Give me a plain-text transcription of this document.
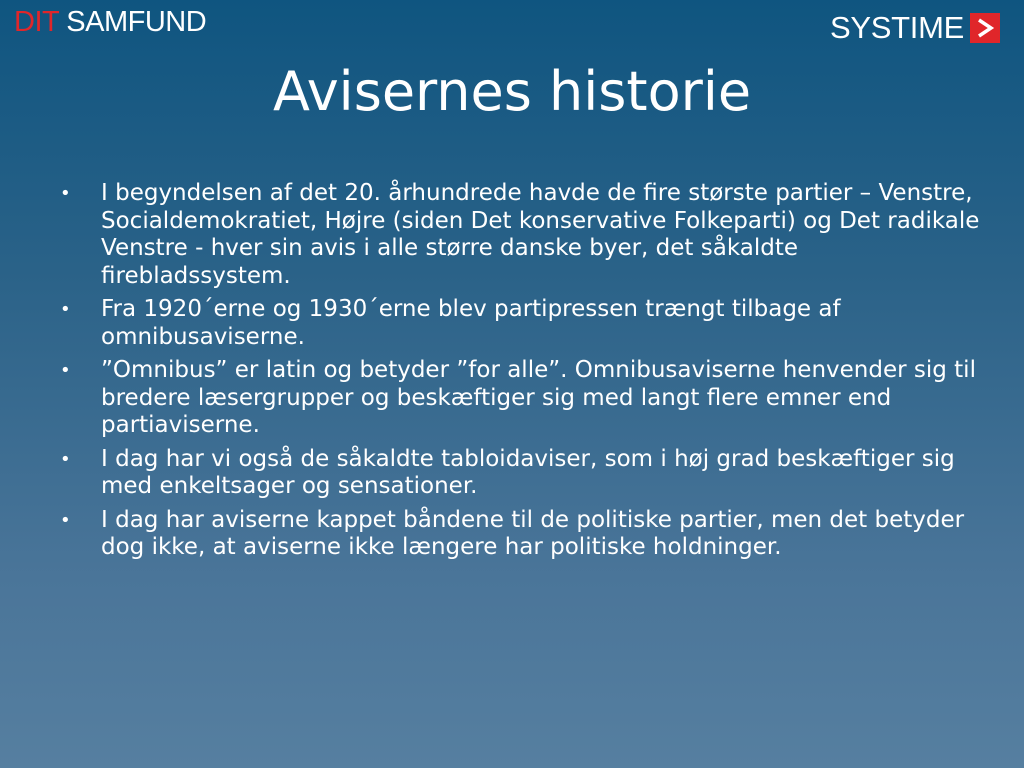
DIT SAMFUND	SYSTIME
Avisernes historie
• I begyndelsen af det 20. århundrede havde de fire største partier – Venstre, Socialdemokratiet, Højre (siden Det konservative Folkeparti) og Det radikale Venstre - hver sin avis i alle større danske byer, det såkaldte firebladssystem.
• Fra 1920´erne og 1930´erne blev partipressen trængt tilbage af omnibusaviserne.
• ”Omnibus” er latin og betyder ”for alle”. Omnibusaviserne henvender sig til bredere læsergrupper og beskæftiger sig med langt flere emner end partiaviserne.
• I dag har vi også de såkaldte tabloidaviser, som i høj grad beskæftiger sig med enkeltsager og sensationer.
• I dag har aviserne kappet båndene til de politiske partier, men det betyder dog ikke, at aviserne ikke længere har politiske holdninger.
